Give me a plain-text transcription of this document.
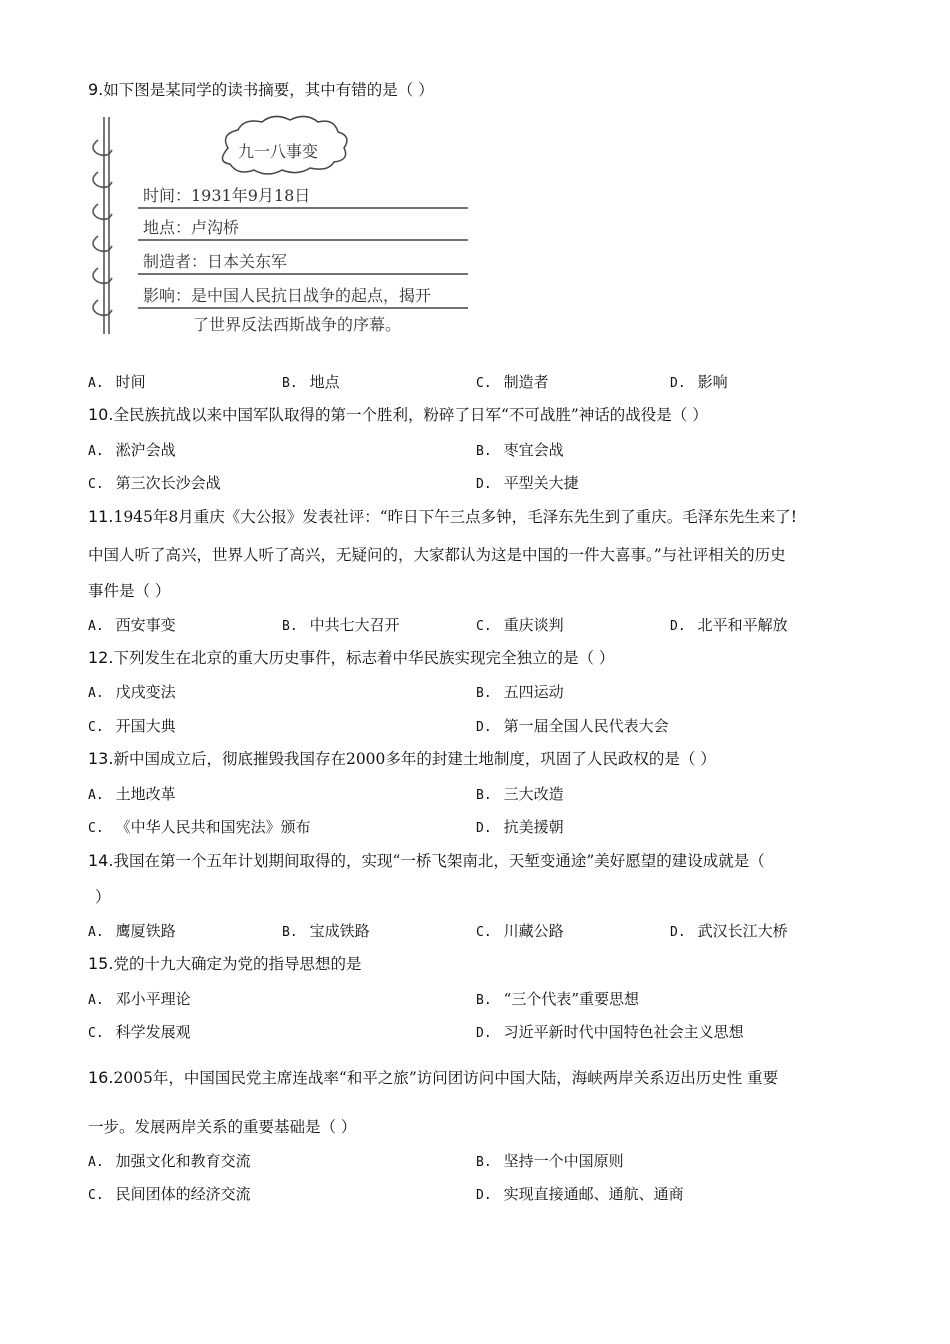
9.如下图是某同学的读书摘要，其中有错的是（ ）
九一八事变
时间：1931年9月18日
地点：卢沟桥
制造者：日本关东军
影响：是中国人民抗日战争的起点，揭开
了世界反法西斯战争的序幕。
A. 时间	B. 地点	C. 制造者	D. 影响
10.全民族抗战以来中国军队取得的第一个胜利，粉碎了日军“不可战胜”神话的战役是（ ）
A. 淞沪会战	B. 枣宜会战
C. 第三次长沙会战	D. 平型关大捷
11.1945年8月重庆《大公报》发表社评：“昨日下午三点多钟，毛泽东先生到了重庆。毛泽东先生来了!
中国人听了高兴，世界人听了高兴，无疑问的，大家都认为这是中国的一件大喜事。”与社评相关的历史
事件是（ ）
A. 西安事变	B. 中共七大召开	C. 重庆谈判	D. 北平和平解放
12.下列发生在北京的重大历史事件，标志着中华民族实现完全独立的是（ ）
A. 戊戌变法	B. 五四运动
C. 开国大典	D. 第一届全国人民代表大会
13.新中国成立后，彻底摧毁我国存在2000多年的封建土地制度，巩固了人民政权的是（ ）
A. 土地改革	B. 三大改造
C. 《中华人民共和国宪法》颁布	D. 抗美援朝
14.我国在第一个五年计划期间取得的，实现“一桥飞架南北，天堑变通途”美好愿望的建设成就是（
）
A. 鹰厦铁路	B. 宝成铁路	C. 川藏公路	D. 武汉长江大桥
15.党的十九大确定为党的指导思想的是
A. 邓小平理论	B. “三个代表”重要思想
C. 科学发展观	D. 习近平新时代中国特色社会主义思想
16.2005年，中国国民党主席连战率“和平之旅”访问团访问中国大陆，海峡两岸关系迈出历史性 重要
一步。发展两岸关系的重要基础是（ ）
A. 加强文化和教育交流	B. 坚持一个中国原则
C. 民间团体的经济交流	D. 实现直接通邮、通航、通商
